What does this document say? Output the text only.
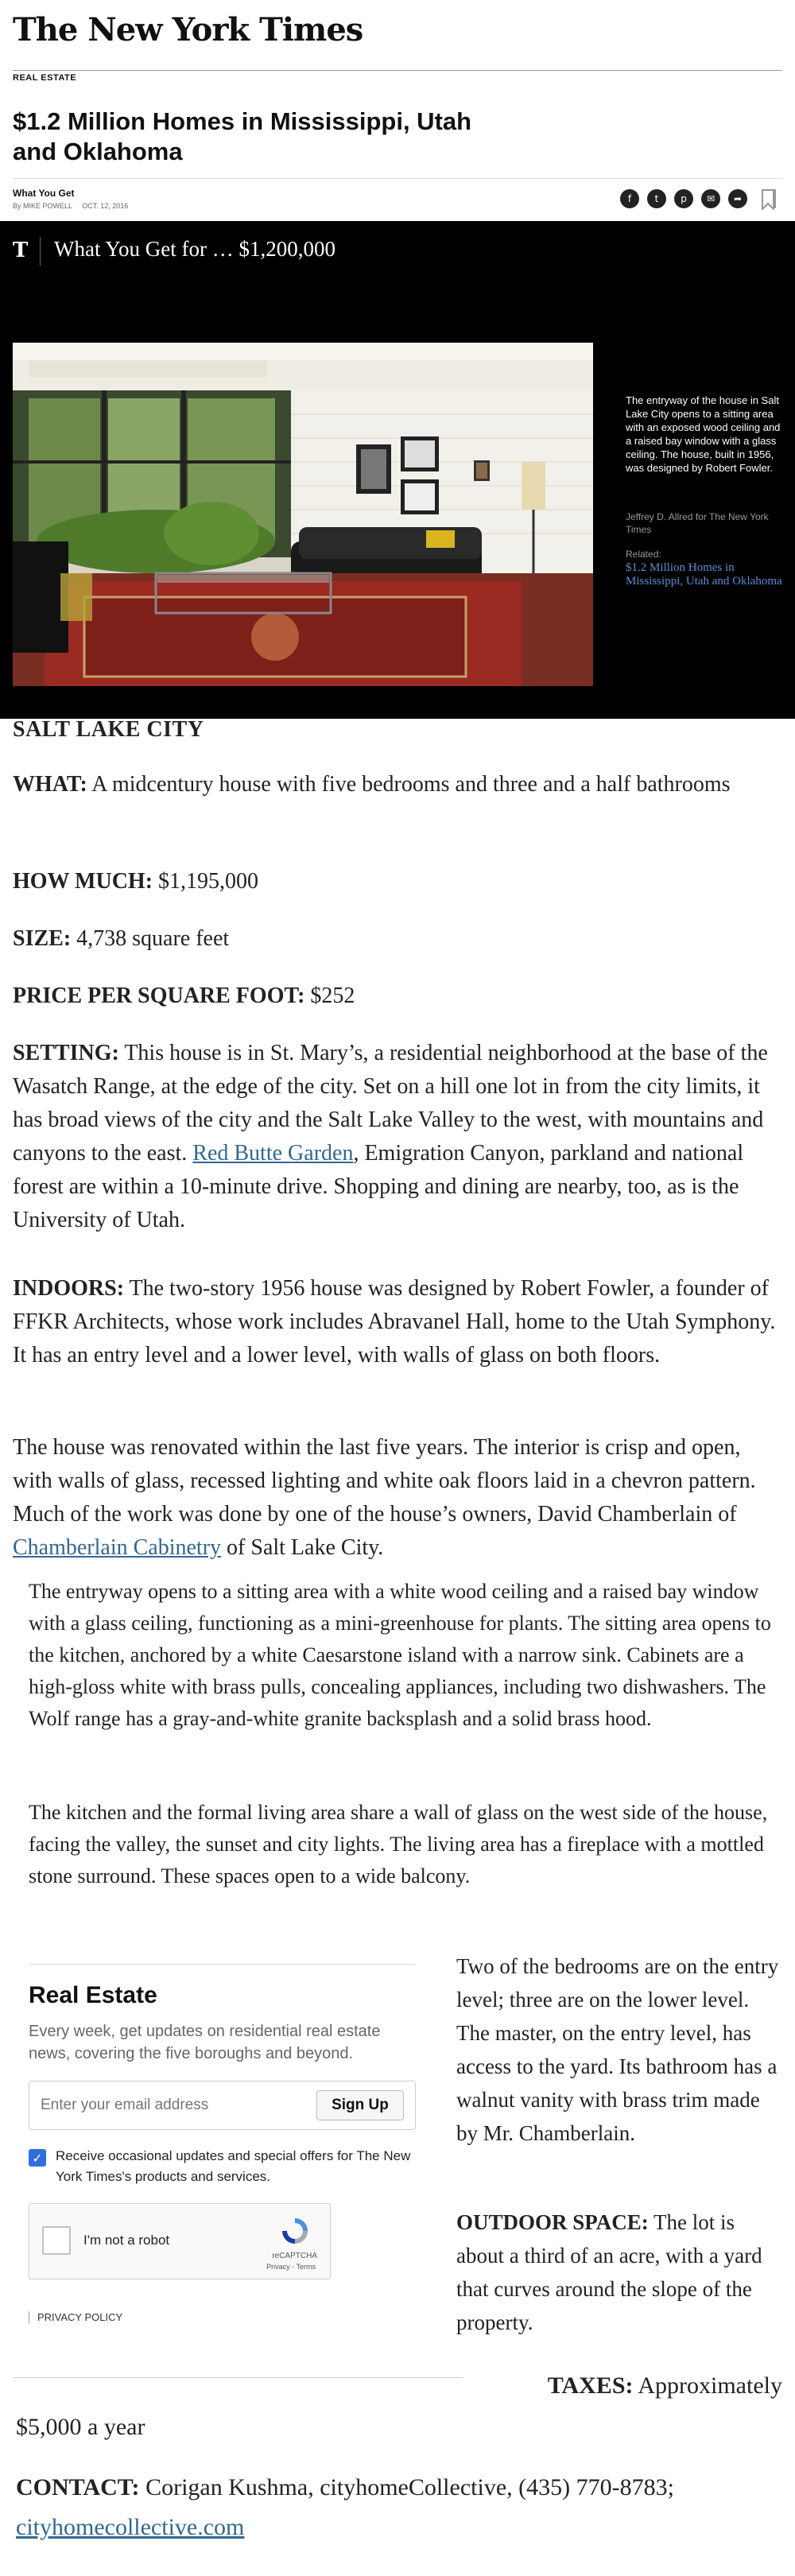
The New York Times
REAL ESTATE
$1.2 Million Homes in Mississippi, Utah and Oklahoma
What You Get
By MIKE POWELL OCT. 12, 2016
f	t	p	✉	➦
T What You Get for … $1,200,000
The entryway of the house in Salt Lake City opens to a sitting area with an exposed wood ceiling and a raised bay window with a glass ceiling. The house, built in 1956, was designed by Robert Fowler.
Jeffrey D. Allred for The New York Times
Related:
$1.2 Million Homes in Mississippi, Utah and Oklahoma
SALT LAKE CITY

WHAT: A midcentury house with five bedrooms and three and a half bathrooms

HOW MUCH: $1,195,000

SIZE: 4,738 square feet

PRICE PER SQUARE FOOT: $252

SETTING: This house is in St. Mary’s, a residential neighborhood at the base of the Wasatch Range, at the edge of the city. Set on a hill one lot in from the city limits, it has broad views of the city and the Salt Lake Valley to the west, with mountains and canyons to the east. Red Butte Garden, Emigration Canyon, parkland and national forest are within a 10-minute drive. Shopping and dining are nearby, too, as is the University of Utah.

INDOORS: The two-story 1956 house was designed by Robert Fowler, a founder of FFKR Architects, whose work includes Abravanel Hall, home to the Utah Symphony. It has an entry level and a lower level, with walls of glass on both floors.

The house was renovated within the last five years. The interior is crisp and open, with walls of glass, recessed lighting and white oak floors laid in a chevron pattern. Much of the work was done by one of the house’s owners, David Chamberlain of Chamberlain Cabinetry of Salt Lake City.

The entryway opens to a sitting area with a white wood ceiling and a raised bay window with a glass ceiling, functioning as a mini-greenhouse for plants. The sitting area opens to the kitchen, anchored by a white Caesarstone island with a narrow sink. Cabinets are a high-gloss white with brass pulls, concealing appliances, including two dishwashers. The Wolf range has a gray-and-white granite backsplash and a solid brass hood.

The kitchen and the formal living area share a wall of glass on the west side of the house, facing the valley, the sunset and city lights. The living area has a fireplace with a mottled stone surround. These spaces open to a wide balcony.

Real Estate
Every week, get updates on residential real estate news, covering the five boroughs and beyond.
Enter your email address
Sign Up
✓ Receive occasional updates and special offers for The New York Times's products and services.
I'm not a robot
reCAPTCHA
Privacy - Terms
PRIVACY POLICY

Two of the bedrooms are on the entry level; three are on the lower level. The master, on the entry level, has access to the yard. Its bathroom has a walnut vanity with brass trim made by Mr. Chamberlain.

OUTDOOR SPACE: The lot is about a third of an acre, with a yard that curves around the slope of the property.

TAXES: Approximately
$5,000 a year

CONTACT: Corigan Kushma, cityhomeCollective, (435) 770-8783; cityhomecollective.com
